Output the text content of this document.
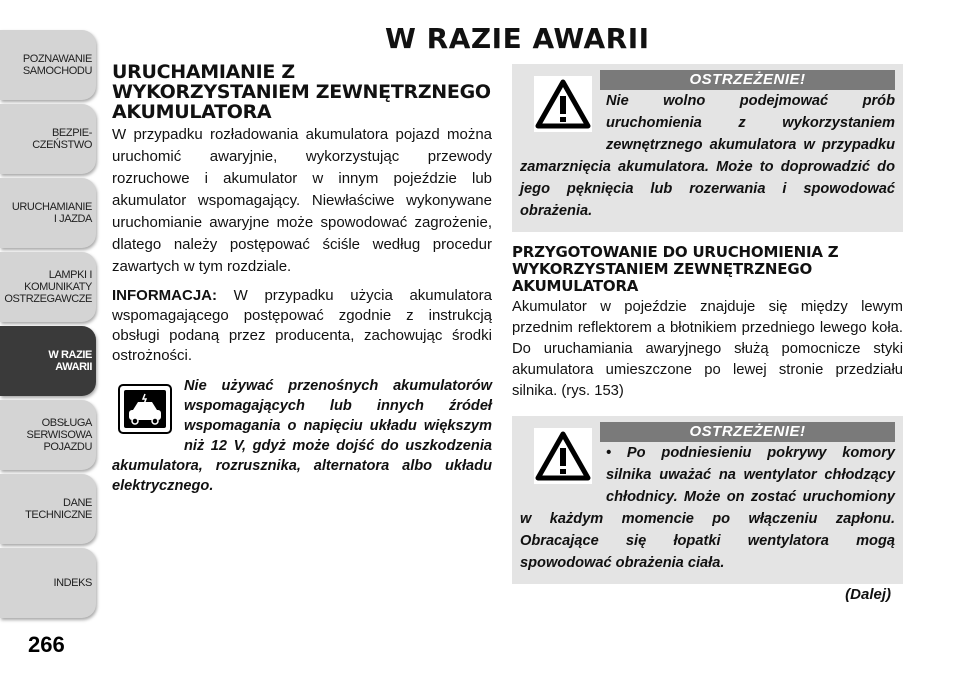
POZNAWANIE
SAMOCHODU
BEZPIE-
CZEŃSTWO
URUCHAMIANIE
I JAZDA
LAMPKI I
KOMUNIKATY
OSTRZEGAWCZE
W RAZIE
AWARII
OBSŁUGA
SERWISOWA
POJAZDU
DANE
TECHNICZNE
INDEKS
266
W RAZIE AWARII
URUCHAMIANIE Z WYKORZYSTANIEM ZEWNĘTRZNEGO AKUMULATORA

W przypadku rozładowania akumulatora pojazd można uruchomić awaryjnie, wykorzystując przewody rozruchowe i akumulator w innym pojeździe lub akumulator wspomagający. Niewłaściwe wykonywane uruchomianie awaryjne może spowodować zagrożenie, dlatego należy postępować ściśle według procedur zawartych w tym rozdziale.

INFORMACJA: W przypadku użycia akumulatora wspomagającego postępować zgodnie z instrukcją obsługi podaną przez producenta, zachowując środki ostrożności.

Nie używać przenośnych akumulatorów wspomagających lub innych źródeł wspomagania o napięciu układu większym niż 12 V, gdyż może dojść do uszkodzenia akumulatora, rozrusznika, alternatora albo układu elektrycznego.
OSTRZEŻENIE!
Nie wolno podejmować prób uruchomienia z wykorzystaniem zewnętrznego akumulatora w przypadku zamarznięcia akumulatora. Może to doprowadzić do jego pęknięcia lub rozerwania i spowodować obrażenia.
PRZYGOTOWANIE DO URUCHOMIENIA Z WYKORZYSTANIEM ZEWNĘTRZNEGO AKUMULATORA

Akumulator w pojeździe znajduje się między lewym przednim reflektorem a błotnikiem przedniego lewego koła. Do uruchamiania awaryjnego służą pomocnicze styki akumulatora umieszczone po lewej stronie przedziału silnika. (rys. 153)

OSTRZEŻENIE!
• Po podniesieniu pokrywy komory silnika uważać na wentylator chłodzący chłodnicy. Może on zostać uruchomiony w każdym momencie po włączeniu zapłonu. Obracające się łopatki wentylatora mogą spowodować obrażenia ciała.
(Dalej)
